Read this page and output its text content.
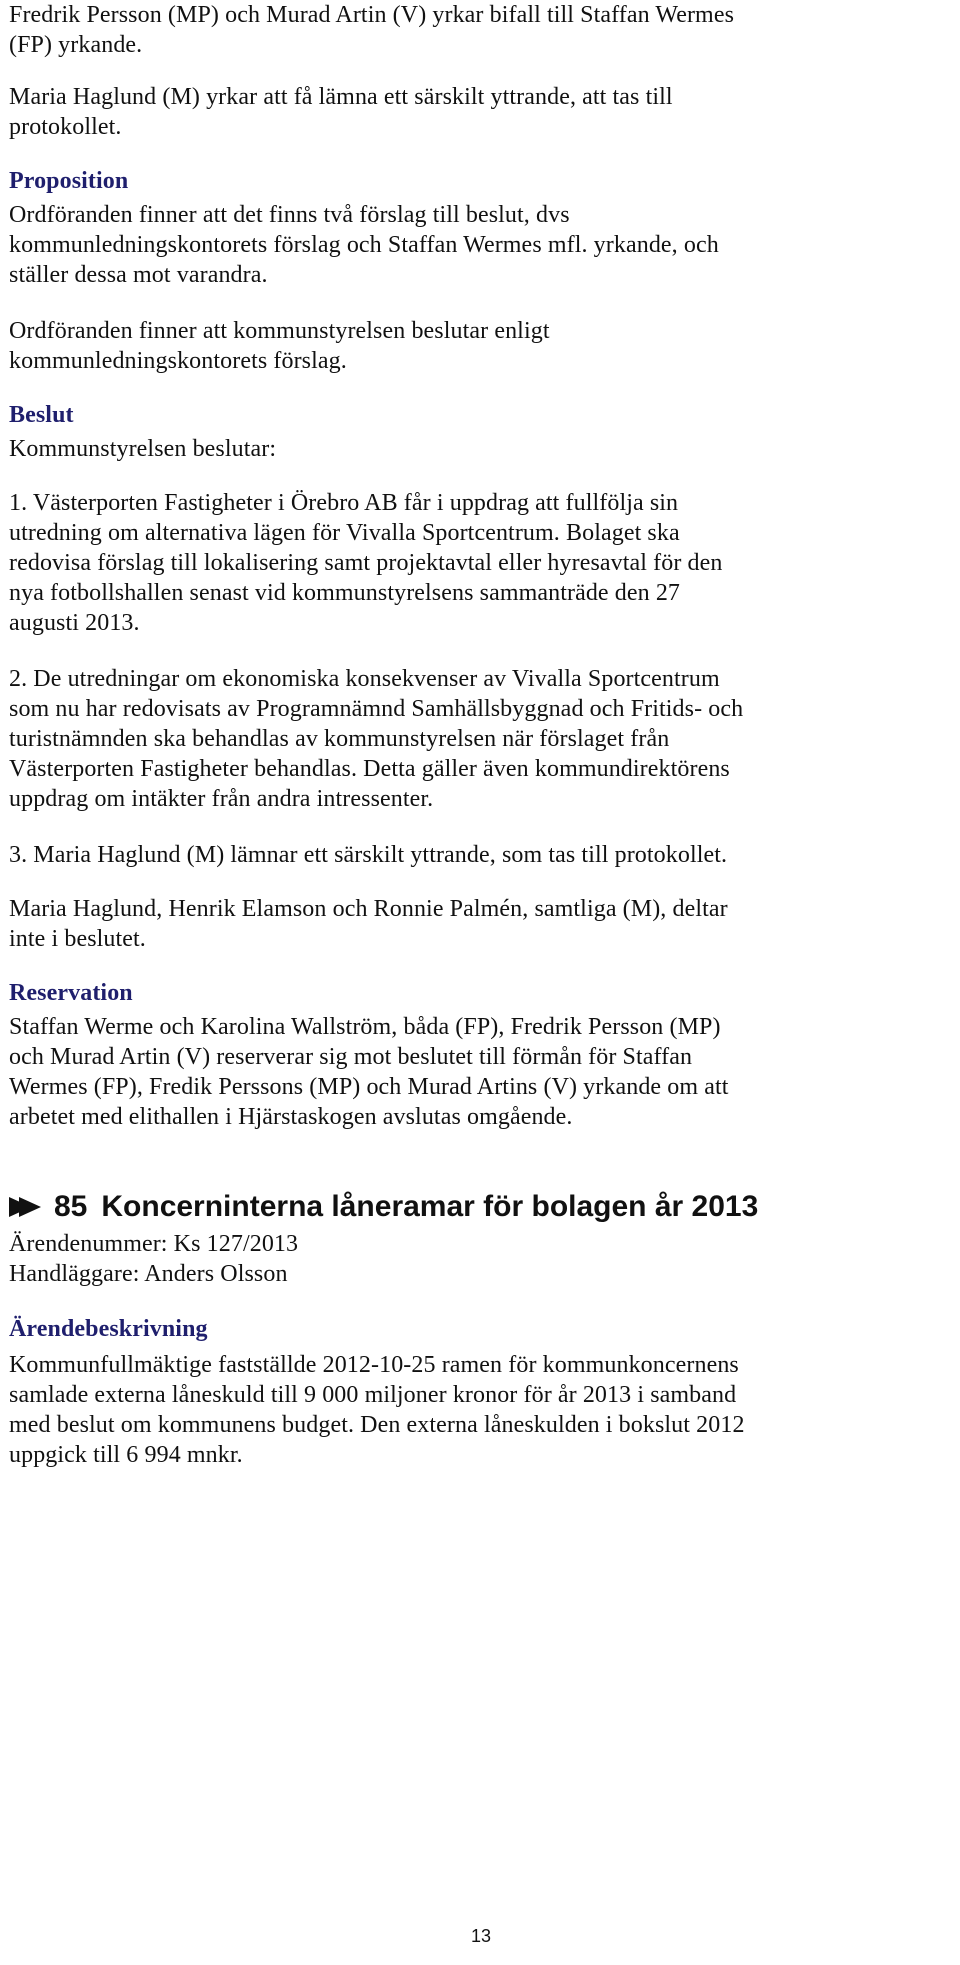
Fredrik Persson (MP) och Murad Artin (V) yrkar bifall till Staffan Wermes

(FP) yrkande.

Maria Haglund (M) yrkar att få lämna ett särskilt yttrande, att tas till

protokollet.

Proposition

Ordföranden finner att det finns två förslag till beslut, dvs

kommunledningskontorets förslag och Staffan Wermes mfl. yrkande, och

ställer dessa mot varandra.

Ordföranden finner att kommunstyrelsen beslutar enligt

kommunledningskontorets förslag.

Beslut

Kommunstyrelsen beslutar:

1. Västerporten Fastigheter i Örebro AB får i uppdrag att fullfölja sin

utredning om alternativa lägen för Vivalla Sportcentrum. Bolaget ska

redovisa förslag till lokalisering samt projektavtal eller hyresavtal för den

nya fotbollshallen senast vid kommunstyrelsens sammanträde den 27

augusti 2013.

2. De utredningar om ekonomiska konsekvenser av Vivalla Sportcentrum

som nu har redovisats av Programnämnd Samhällsbyggnad och Fritids- och

turistnämnden ska behandlas av kommunstyrelsen när förslaget från

Västerporten Fastigheter behandlas. Detta gäller även kommundirektörens

uppdrag om intäkter från andra intressenter.

3. Maria Haglund (M) lämnar ett särskilt yttrande, som tas till protokollet.

Maria Haglund, Henrik Elamson och Ronnie Palmén, samtliga (M), deltar

inte i beslutet.

Reservation

Staffan Werme och Karolina Wallström, båda (FP), Fredrik Persson (MP)

och Murad Artin (V) reserverar sig mot beslutet till förmån för Staffan

Wermes (FP), Fredik Perssons (MP) och Murad Artins (V) yrkande om att

arbetet med elithallen i Hjärstaskogen avslutas omgående.

85 Koncerninterna låneramar för bolagen år 2013

Ärendenummer: Ks 127/2013

Handläggare: Anders Olsson

Ärendebeskrivning

Kommunfullmäktige fastställde 2012-10-25 ramen för kommunkoncernens

samlade externa låneskuld till 9 000 miljoner kronor för år 2013 i samband

med beslut om kommunens budget. Den externa låneskulden i bokslut 2012

uppgick till 6 994 mnkr.

13
